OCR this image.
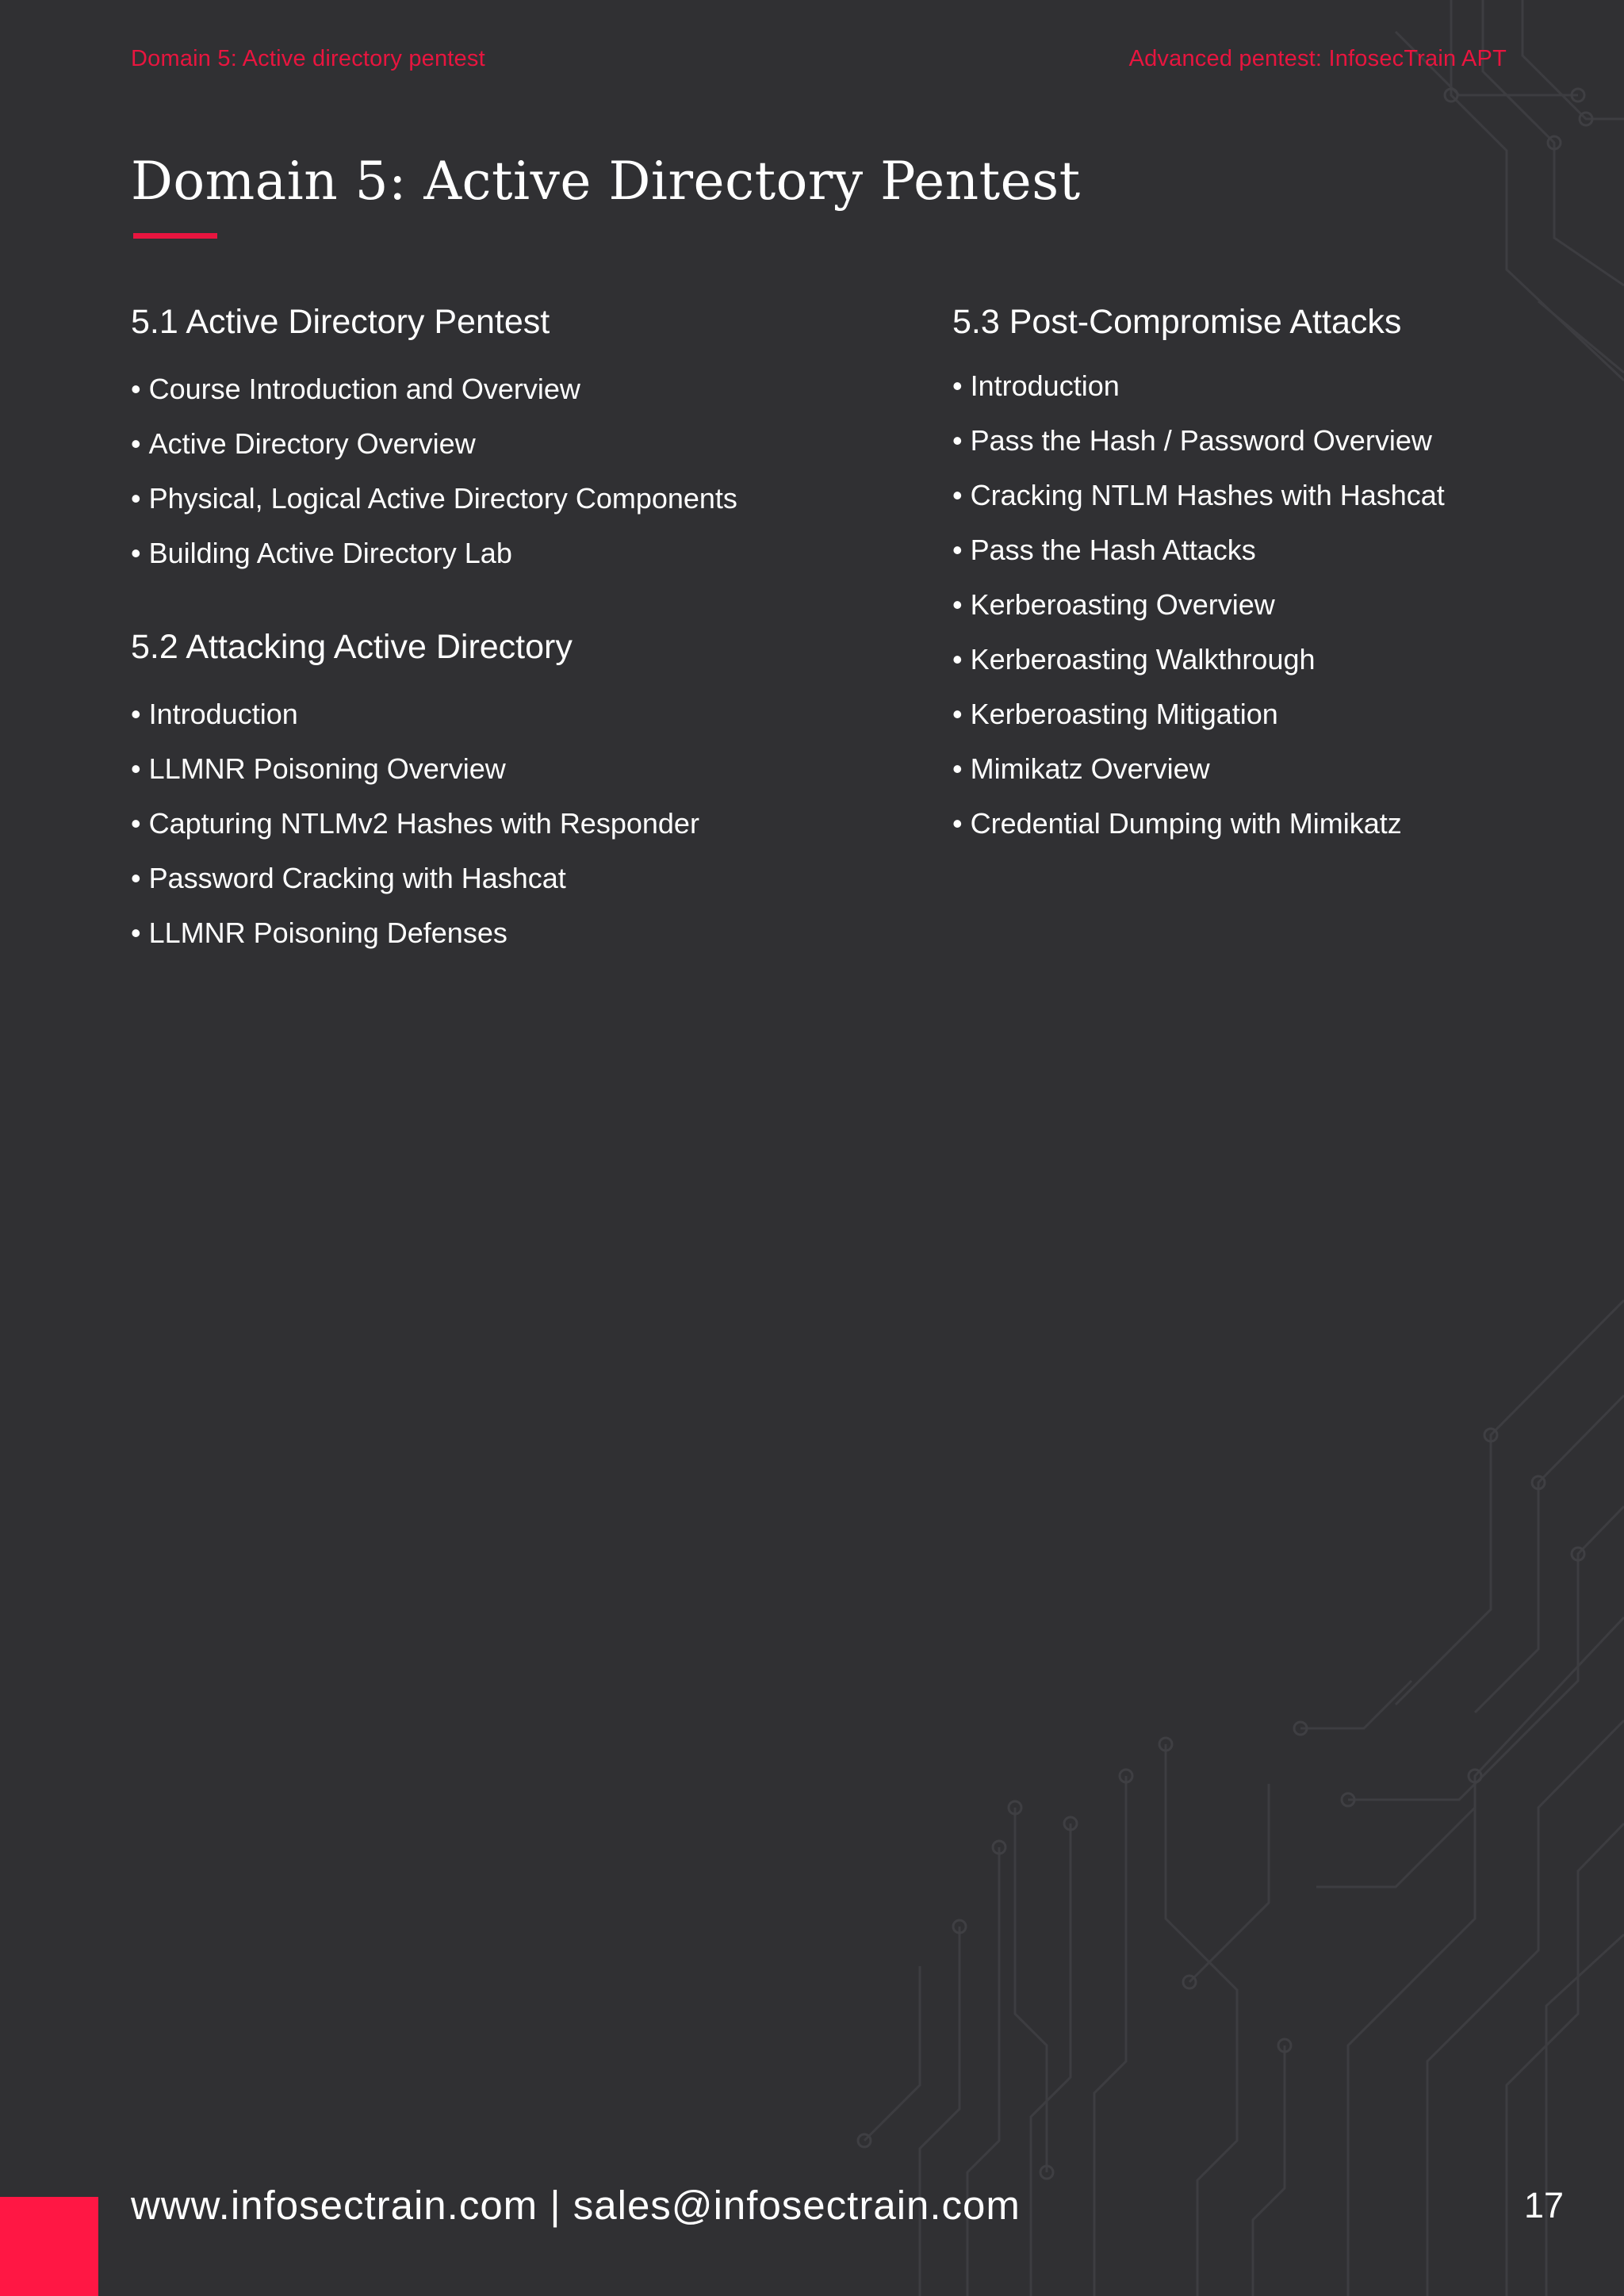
Domain 5: Active directory pentest	Advanced pentest: InfosecTrain APT
Domain 5: Active Directory Pentest
5.1 Active Directory Pentest
• Course Introduction and Overview
• Active Directory Overview
• Physical, Logical Active Directory Components
• Building Active Directory Lab
5.2 Attacking Active Directory
• Introduction
• LLMNR Poisoning Overview
• Capturing NTLMv2 Hashes with Responder
• Password Cracking with Hashcat
• LLMNR Poisoning Defenses
5.3 Post-Compromise Attacks
• Introduction
• Pass the Hash / Password Overview
• Cracking NTLM Hashes with Hashcat
• Pass the Hash Attacks
• Kerberoasting Overview
• Kerberoasting Walkthrough
• Kerberoasting Mitigation
• Mimikatz Overview
• Credential Dumping with Mimikatz
www.infosectrain.com | sales@infosectrain.com	17
